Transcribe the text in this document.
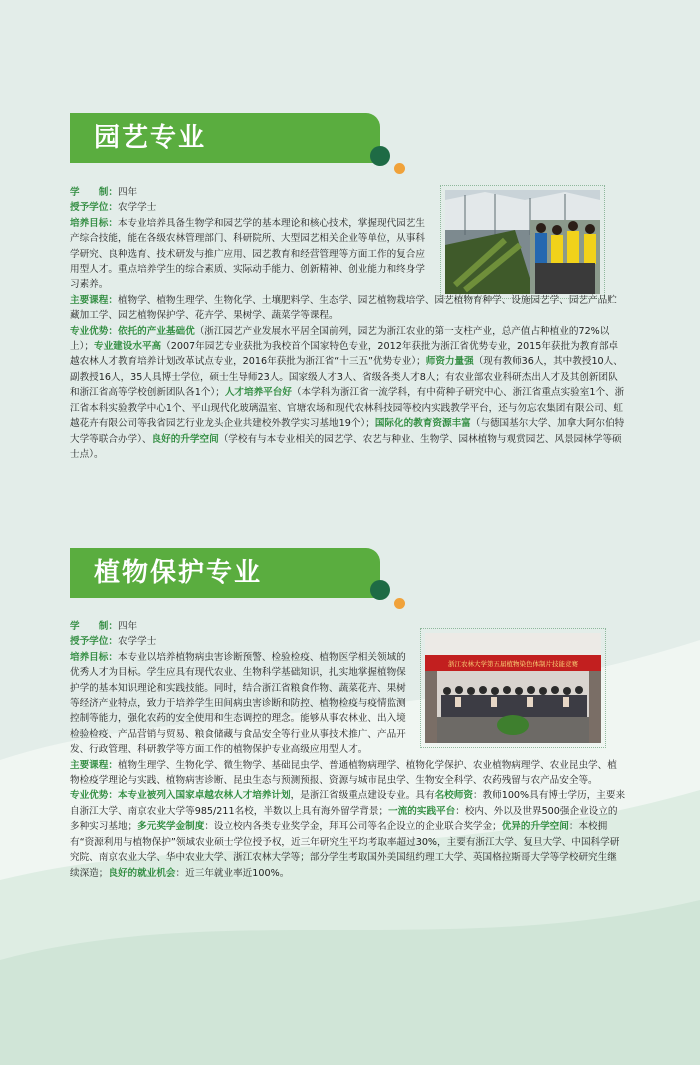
园艺专业

学　　制：四年

授予学位：农学学士

培养目标：本专业培养具备生物学和园艺学的基本理论和核心技术，掌握现代园艺生产综合技能，能在各级农林管理部门、科研院所、大型园艺相关企业等单位，从事科学研究、良种选育、技术研发与推广应用、园艺教育和经营管理等方面工作的复合应用型人才。重点培养学生的综合素质、实际动手能力、创新精神、创业能力和终身学习素养。

主要课程：植物学、植物生理学、生物化学、土壤肥料学、生态学、园艺植物栽培学、园艺植物育种学、设施园艺学、园艺产品贮藏加工学、园艺植物保护学、花卉学、果树学、蔬菜学等课程。

专业优势：依托的产业基础优（浙江园艺产业发展水平居全国前列，园艺为浙江农业的第一支柱产业，总产值占种植业的72%以上）；专业建设水平高（2007年园艺专业获批为我校首个国家特色专业，2012年获批为浙江省优势专业，2015年获批为教育部卓越农林人才教育培养计划改革试点专业，2016年获批为浙江省“十三五”优势专业）；师资力量强（现有教师36人，其中教授10人、副教授16人，35人具博士学位，硕士生导师23人。国家级人才3人、省级各类人才8人；有农业部农业科研杰出人才及其创新团队和浙江省高等学校创新团队各1个）；人才培养平台好（本学科为浙江省一流学科，有中荷种子研究中心、浙江省重点实验室1个、浙江省本科实验教学中心1个、平山现代化玻璃温室、官塘农场和现代农林科技园等校内实践教学平台，还与勿忘农集团有限公司、虹越花卉有限公司等我省园艺行业龙头企业共建校外教学实习基地19个）；国际化的教育资源丰富（与德国基尔大学、加拿大阿尔伯特大学等联合办学）、良好的升学空间（学校有与本专业相关的园艺学、农艺与种业、生物学、园林植物与观赏园艺、风景园林学等硕士点）。

植物保护专业
浙江农林大学第五届植物染色体制片技能竞赛

学　　制：四年

授予学位：农学学士

培养目标：本专业以培养植物病虫害诊断预警、检验检疫、植物医学相关领域的优秀人才为目标。学生应具有现代农业、生物科学基础知识，扎实地掌握植物保护学的基本知识理论和实践技能。同时，结合浙江省粮食作物、蔬菜花卉、果树等经济产业特点，致力于培养学生田间病虫害诊断和防控、植物检疫与疫情监测控制等能力，强化农药的安全使用和生态调控的理念。能够从事农林业、出入境检验检疫、产品营销与贸易、粮食储藏与食品安全等行业从事技术推广、产品开发、行政管理、科研教学等方面工作的植物保护专业高级应用型人才。

主要课程：植物生理学、生物化学、微生物学、基础昆虫学、普通植物病理学、植物化学保护、农业植物病理学、农业昆虫学、植物检疫学理论与实践、植物病害诊断、昆虫生态与预测预报、资源与城市昆虫学、生物安全科学、农药残留与农产品安全等。

专业优势：本专业被列入国家卓越农林人才培养计划，是浙江省级重点建设专业。具有名校师资：教师100%具有博士学历，主要来自浙江大学、南京农业大学等985/211名校，半数以上具有海外留学背景；一流的实践平台：校内、外以及世界500强企业设立的多种实习基地；多元奖学金制度：设立校内各类专业奖学金，拜耳公司等名企设立的企业联合奖学金；优异的升学空间：本校拥有“资源利用与植物保护”领域农业硕士学位授予权，近三年研究生平均考取率超过30%，主要有浙江大学、复旦大学、中国科学研究院、南京农业大学、华中农业大学、浙江农林大学等；部分学生考取国外美国纽约理工大学、英国格拉斯哥大学等学校研究生继续深造；良好的就业机会：近三年就业率近100%。
